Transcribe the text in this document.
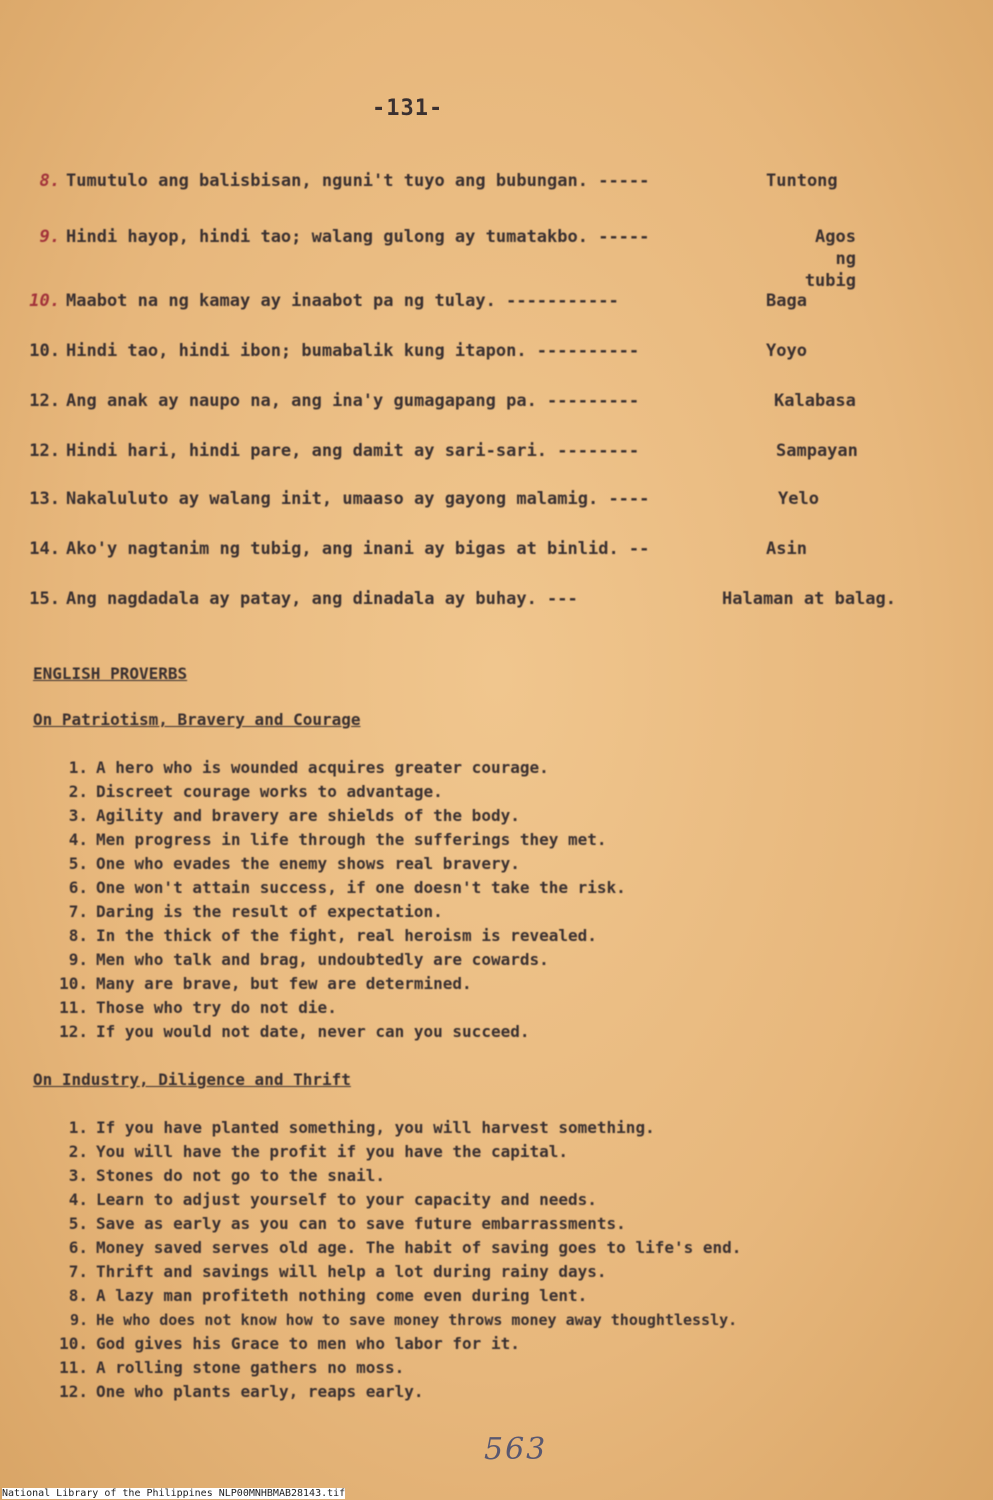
-131-
8. Tumutulo ang balisbisan, nguni't tuyo ang bubungan. -----	Tuntong
9. Hindi hayop, hindi tao; walang gulong ay tumatakbo. -----	Agos ng tubig
10. Maabot na ng kamay ay inaabot pa ng tulay. -----------	Baga
10. Hindi tao, hindi ibon; bumabalik kung itapon. ----------	Yoyo
12. Ang anak ay naupo na, ang ina'y gumagapang pa. ---------	Kalabasa
12. Hindi hari, hindi pare, ang damit ay sari-sari. --------	Sampayan
13. Nakaluluto ay walang init, umaaso ay gayong malamig. ----	Yelo
14. Ako'y nagtanim ng tubig, ang inani ay bigas at binlid. --	Asin
15. Ang nagdadala ay patay, ang dinadala ay buhay. ---	Halaman at balag.
ENGLISH PROVERBS
On Patriotism, Bravery and Courage
1. A hero who is wounded acquires greater courage.
2. Discreet courage works to advantage.
3. Agility and bravery are shields of the body.
4. Men progress in life through the sufferings they met.
5. One who evades the enemy shows real bravery.
6. One won't attain success, if one doesn't take the risk.
7. Daring is the result of expectation.
8. In the thick of the fight, real heroism is revealed.
9. Men who talk and brag, undoubtedly are cowards.
10. Many are brave, but few are determined.
11. Those who try do not die.
12. If you would not date, never can you succeed.
On Industry, Diligence and Thrift
1. If you have planted something, you will harvest something.
2. You will have the profit if you have the capital.
3. Stones do not go to the snail.
4. Learn to adjust yourself to your capacity and needs.
5. Save as early as you can to save future embarrassments.
6. Money saved serves old age. The habit of saving goes to life's end.
7. Thrift and savings will help a lot during rainy days.
8. A lazy man profiteth nothing come even during lent.
9. He who does not know how to save money throws money away thoughtlessly.
10. God gives his Grace to men who labor for it.
11. A rolling stone gathers no moss.
12. One who plants early, reaps early.
563
National Library of the Philippines NLP00MNHBMAB28143.tif
